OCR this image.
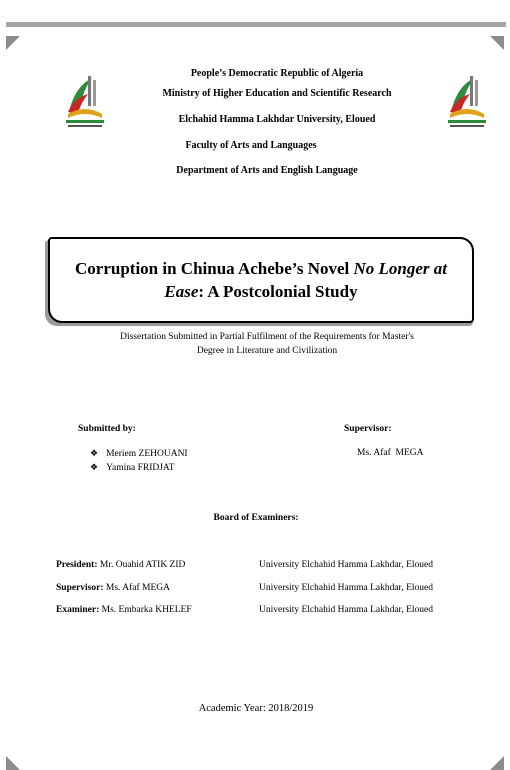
People’s Democratic Republic of Algeria
Ministry of Higher Education and Scientific Research
Elchahid Hamma Lakhdar University, Eloued
Faculty of Arts and Languages
Department of Arts and English Language
Corruption in Chinua Achebe’s Novel No Longer at Ease: A Postcolonial Study
Dissertation Submitted in Partial Fulfilment of the Requirements for Master's
Degree in Literature and Civilization
Submitted by:
❖ Meriem ZEHOUANI
❖ Yamina FRIDJAT
Supervisor:
Ms. Afaf  MEGA
Board of Examiners:
President: Mr. Ouahid ATIK ZID	University Elchahid Hamma Lakhdar, Eloued
Supervisor: Ms. Afaf MEGA	University Elchahid Hamma Lakhdar, Eloued
Examiner: Ms. Embarka KHELEF	University Elchahid Hamma Lakhdar, Eloued
Academic Year: 2018/2019
